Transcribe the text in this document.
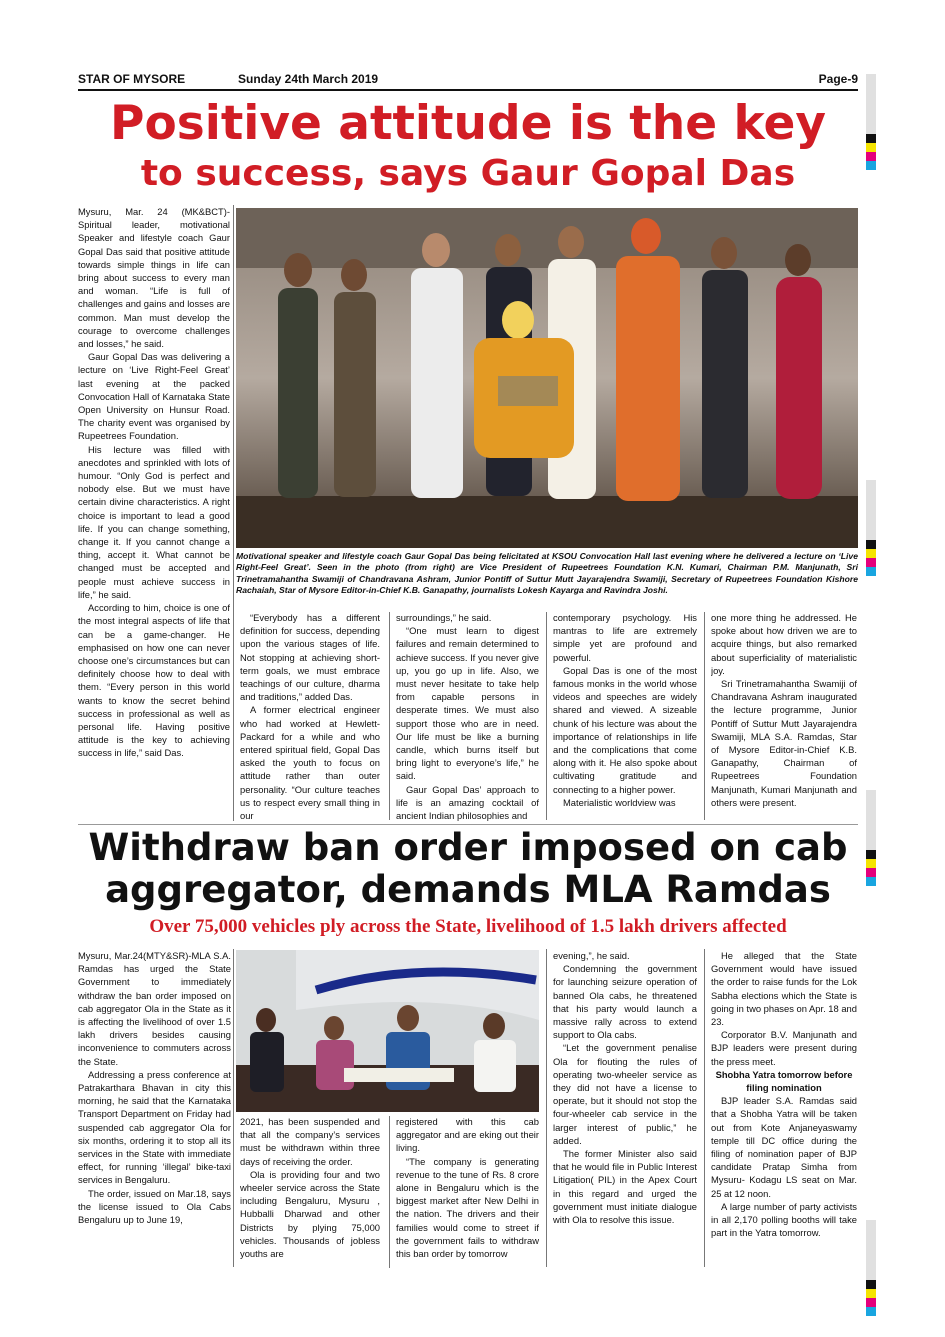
STAR OF MYSORE	Sunday 24th March 2019	Page-9
Positive attitude is the key
to success, says Gaur Gopal Das

Mysuru, Mar. 24 (MK&BCT)-Spiritual leader, motivational Speaker and lifestyle coach Gaur Gopal Das said that positive attitude towards simple things in life can bring about success to every man and woman. “Life is full of challenges and gains and losses are common. Man must develop the courage to overcome challenges and losses,” he said.

Gaur Gopal Das was delivering a lecture on ‘Live Right-Feel Great’ last evening at the packed Convocation Hall of Karnataka State Open University on Hunsur Road. The charity event was organised by Rupeetrees Foundation.

His lecture was filled with anecdotes and sprinkled with lots of humour. “Only God is perfect and nobody else. But we must have certain divine characteristics. A right choice is important to lead a good life. If you can change something, change it. If you cannot change a thing, accept it. What cannot be changed must be accepted and people must achieve success in life,” he said.

According to him, choice is one of the most integral aspects of life that can be a game-changer. He emphasised on how one can never choose one’s circumstances but can definitely choose how to deal with them. “Every person in this world wants to know the secret behind success in professional as well as personal life. Having positive attitude is the key to achieving success in life,” said Das.

Motivational speaker and lifestyle coach Gaur Gopal Das being felicitated at KSOU Convocation Hall last evening where he delivered a lecture on ‘Live Right-Feel Great’. Seen in the photo (from right) are Vice President of Rupeetrees Foundation K.N. Kumari, Chairman P.M. Manjunath, Sri Trinetramahantha Swamiji of Chandravana Ashram, Junior Pontiff of Suttur Mutt Jayarajendra Swamiji, Secretary of Rupeetrees Foundation Kishore Rachaiah, Star of Mysore Editor-in-Chief K.B. Ganapathy, journalists Lokesh Kayarga and Ravindra Joshi.

“Everybody has a different definition for success, depending upon the various stages of life. Not stopping at achieving short-term goals, we must embrace teachings of our culture, dharma and traditions,” added Das.

A former electrical engineer who had worked at Hewlett-Packard for a while and who entered spiritual field, Gopal Das asked the youth to focus on attitude rather than outer personality. “Our culture teaches us to respect every small thing in our

surroundings,” he said.

“One must learn to digest failures and remain determined to achieve success. If you never give up, you go up in life. Also, we must never hesitate to take help from capable persons in desperate times. We must also support those who are in need. Our life must be like a burning candle, which burns itself but bring light to everyone’s life,” he said.

Gaur Gopal Das’ approach to life is an amazing cocktail of ancient Indian philosophies and

contemporary psychology. His mantras to life are extremely simple yet are profound and powerful.

Gopal Das is one of the most famous monks in the world whose videos and speeches are widely shared and viewed. A sizeable chunk of his lecture was about the importance of relationships in life and the complications that come along with it. He also spoke about cultivating gratitude and connecting to a higher power.

Materialistic worldview was

one more thing he addressed. He spoke about how driven we are to acquire things, but also remarked about superficiality of materialistic joy.

Sri Trinetramahantha Swamiji of Chandravana Ashram inaugurated the lecture programme, Junior Pontiff of Suttur Mutt Jayarajendra Swamiji, MLA S.A. Ramdas, Star of Mysore Editor-in-Chief K.B. Ganapathy, Chairman of Rupeetrees Foundation Manjunath, Kumari Manjunath and others were present.

Withdraw ban order imposed on cab
aggregator, demands MLA Ramdas
Over 75,000 vehicles ply across the State, livelihood of 1.5 lakh drivers affected

Mysuru, Mar.24(MTY&SR)-MLA S.A. Ramdas has urged the State Government to immediately withdraw the ban order imposed on cab aggregator Ola in the State as it is affecting the livelihood of over 1.5 lakh drivers besides causing inconvenience to commuters across the State.

Addressing a press conference at Patrakarthara Bhavan in city this morning, he said that the Karnataka Transport Department on Friday had suspended cab aggregator Ola for six months, ordering it to stop all its services in the State with immediate effect, for running ‘illegal’ bike-taxi services in Bengaluru.

The order, issued on Mar.18, says the license issued to Ola Cabs Bengaluru up to June 19,

2021, has been suspended and that all the company’s services must be withdrawn within three days of receiving the order.

Ola is providing four and two wheeler service across the State including Bengaluru, Mysuru , Hubballi Dharwad and other Districts by plying 75,000 vehicles. Thousands of jobless youths are

registered with this cab aggregator and are eking out their living.

“The company is generating revenue to the tune of Rs. 8 crore alone in Bengaluru which is the biggest market after New Delhi in the nation. The drivers and their families would come to street if the government fails to withdraw this ban order by tomorrow

evening,”, he said.

Condemning the government for launching seizure operation of banned Ola cabs, he threatened that his party would launch a massive rally across to extend support to Ola cabs.

“Let the government penalise Ola for flouting the rules of operating two-wheeler service as they did not have a license to operate, but it should not stop the four-wheeler cab service in the larger interest of public,” he added.

The former Minister also said that he would file in Public Interest Litigation( PIL) in the Apex Court in this regard and urged the government must initiate dialogue with Ola to resolve this issue.

He alleged that the State Government would have issued the order to raise funds for the Lok Sabha elections which the State is going in two phases on Apr. 18 and 23.

Corporator B.V. Manjunath and BJP leaders were present during the press meet.

Shobha Yatra tomorrow before filing nomination

BJP leader S.A. Ramdas said that a Shobha Yatra will be taken out from Kote Anjaneyaswamy temple till DC office during the filing of nomination paper of BJP candidate Pratap Simha from Mysuru- Kodagu LS seat on Mar. 25 at 12 noon.

A large number of party activists in all 2,170 polling booths will take part in the Yatra tomorrow.
